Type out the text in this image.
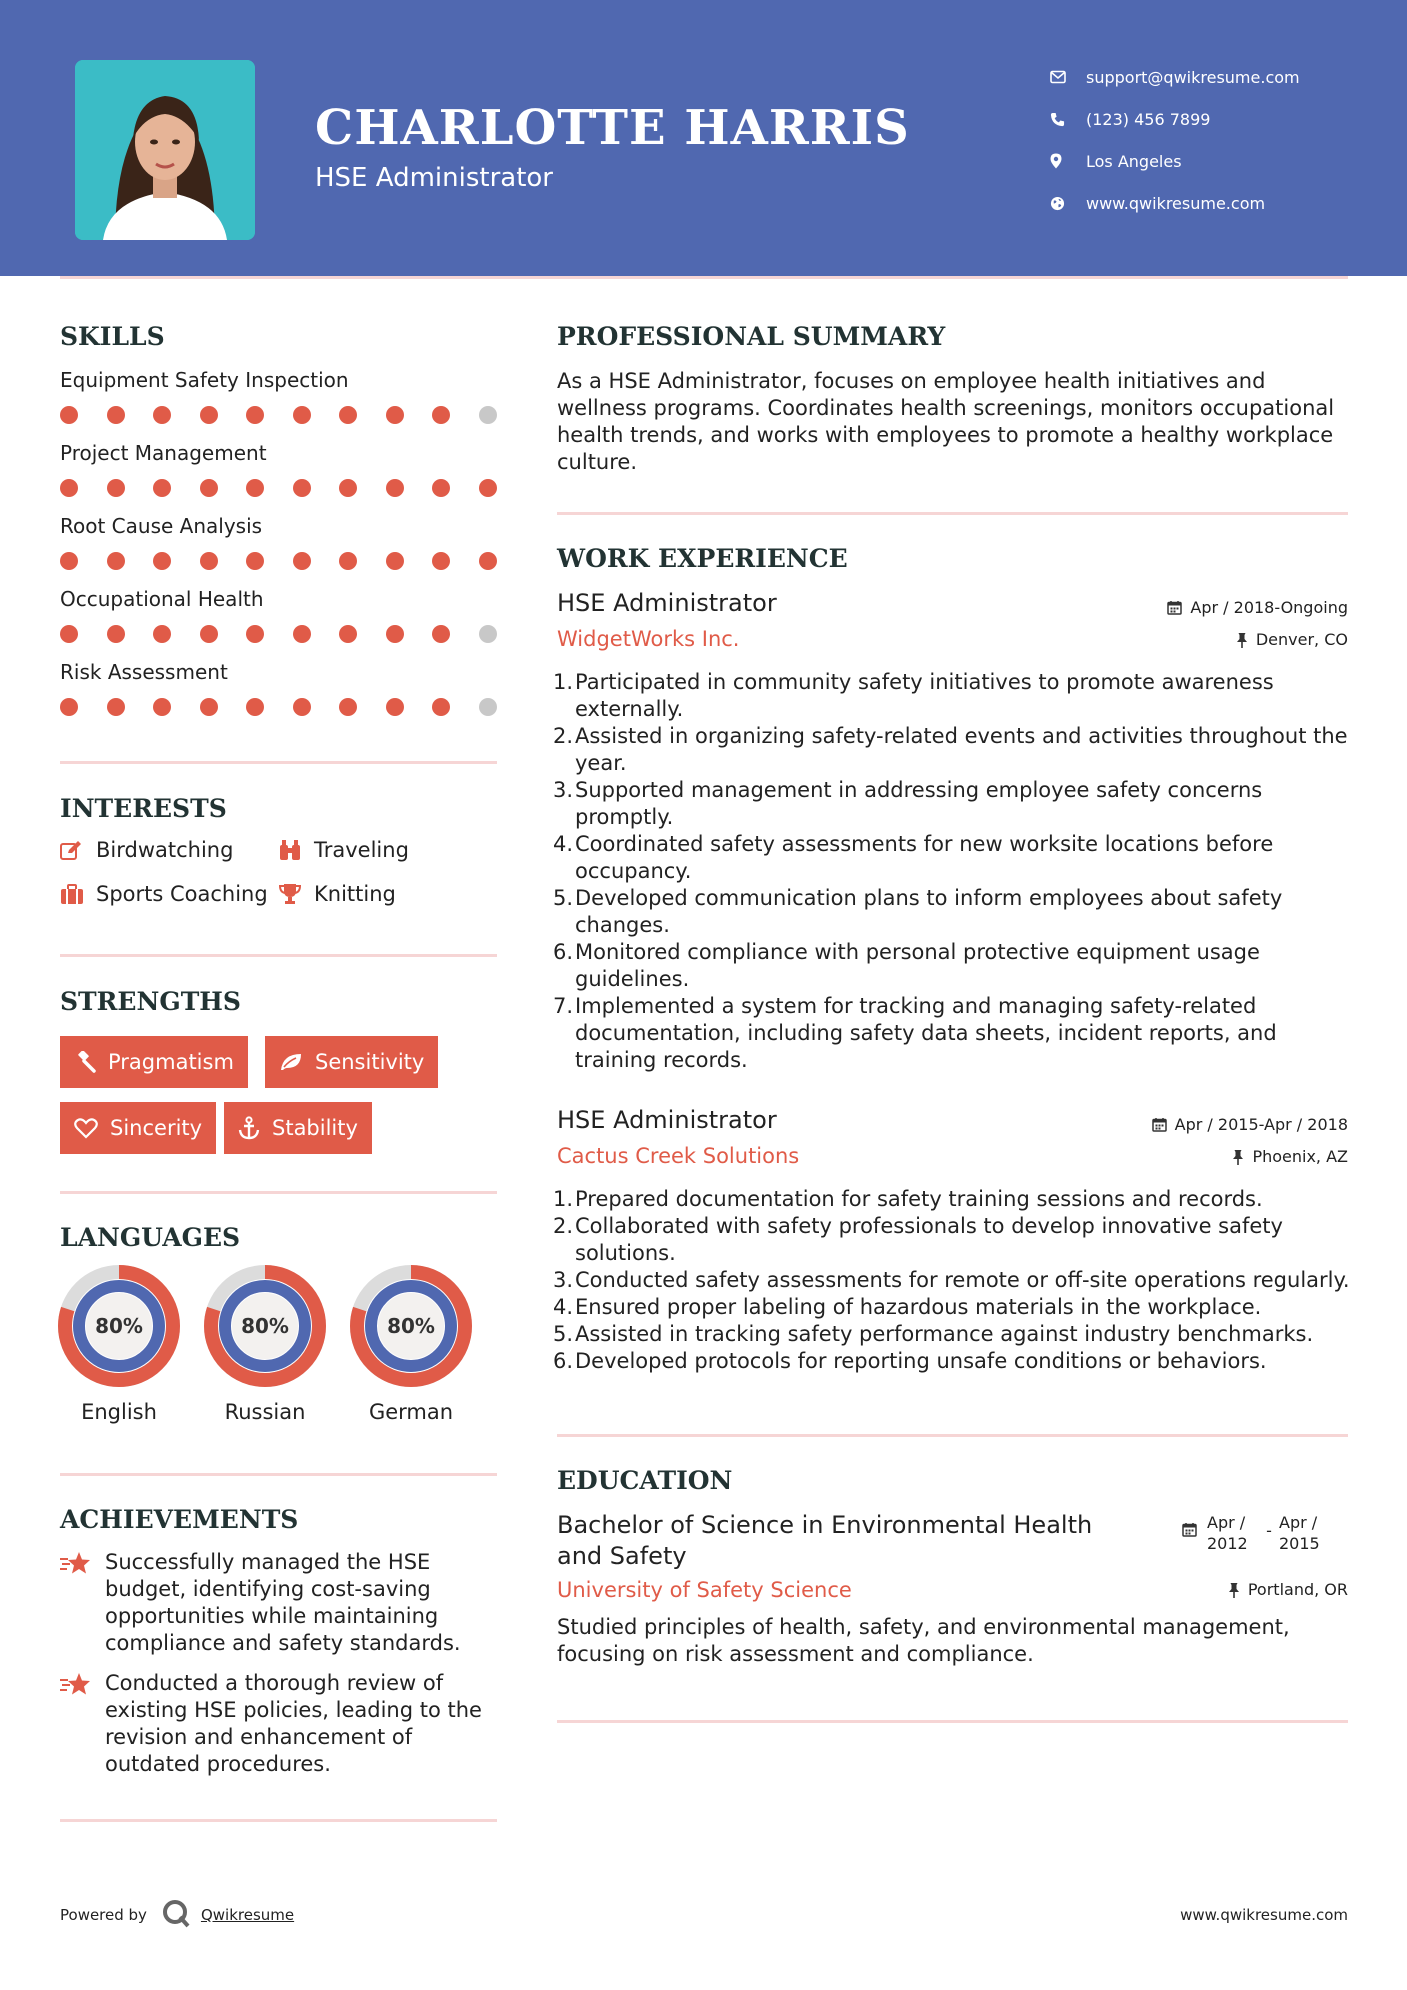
CHARLOTTE HARRIS
HSE Administrator
support@qwikresume.com
(123) 456 7899
Los Angeles
www.qwikresume.com
SKILLS
Equipment Safety Inspection
Project Management
Root Cause Analysis
Occupational Health
Risk Assessment
INTERESTS
Birdwatching	Traveling
Sports Coaching Knitting
STRENGTHS
Pragmatism	Sensitivity
Sincerity	Stability
LANGUAGES
80%
English
80%
Russian
80%
German
ACHIEVEMENTS
Successfully managed the HSE budget, identifying cost-saving opportunities while maintaining compliance and safety standards.
Conducted a thorough review of existing HSE policies, leading to the revision and enhancement of outdated procedures.
PROFESSIONAL SUMMARY
As a HSE Administrator, focuses on employee health initiatives and wellness programs. Coordinates health screenings, monitors occupational health trends, and works with employees to promote a healthy workplace culture.
WORK EXPERIENCE
HSE Administrator	Apr / 2018-Ongoing
WidgetWorks Inc.	Denver, CO
1 . Participated in community safety initiatives to promote awareness externally.
2 . Assisted in organizing safety-related events and activities throughout the year.
3 . Supported management in addressing employee safety concerns promptly.
4 . Coordinated safety assessments for new worksite locations before occupancy.
5 . Developed communication plans to inform employees about safety changes.
6 . Monitored compliance with personal protective equipment usage guidelines.
7 . Implemented a system for tracking and managing safety-related documentation, including safety data sheets, incident reports, and training records.
HSE Administrator	Apr / 2015-Apr / 2018
Cactus Creek Solutions	Phoenix, AZ
1 . Prepared documentation for safety training sessions and records.
2 . Collaborated with safety professionals to develop innovative safety solutions.
3 . Conducted safety assessments for remote or off-site operations regularly.
4 . Ensured proper labeling of hazardous materials in the workplace.
5 . Assisted in tracking safety performance against industry benchmarks.
6 . Developed protocols for reporting unsafe conditions or behaviors.
EDUCATION
Bachelor of Science in Environmental Health and Safety
Apr / 2012
- Apr / 2015
University of Safety Science	Portland, OR
Studied principles of health, safety, and environmental management, focusing on risk assessment and compliance.
Powered by	Qwikresume	www.qwikresume.com
